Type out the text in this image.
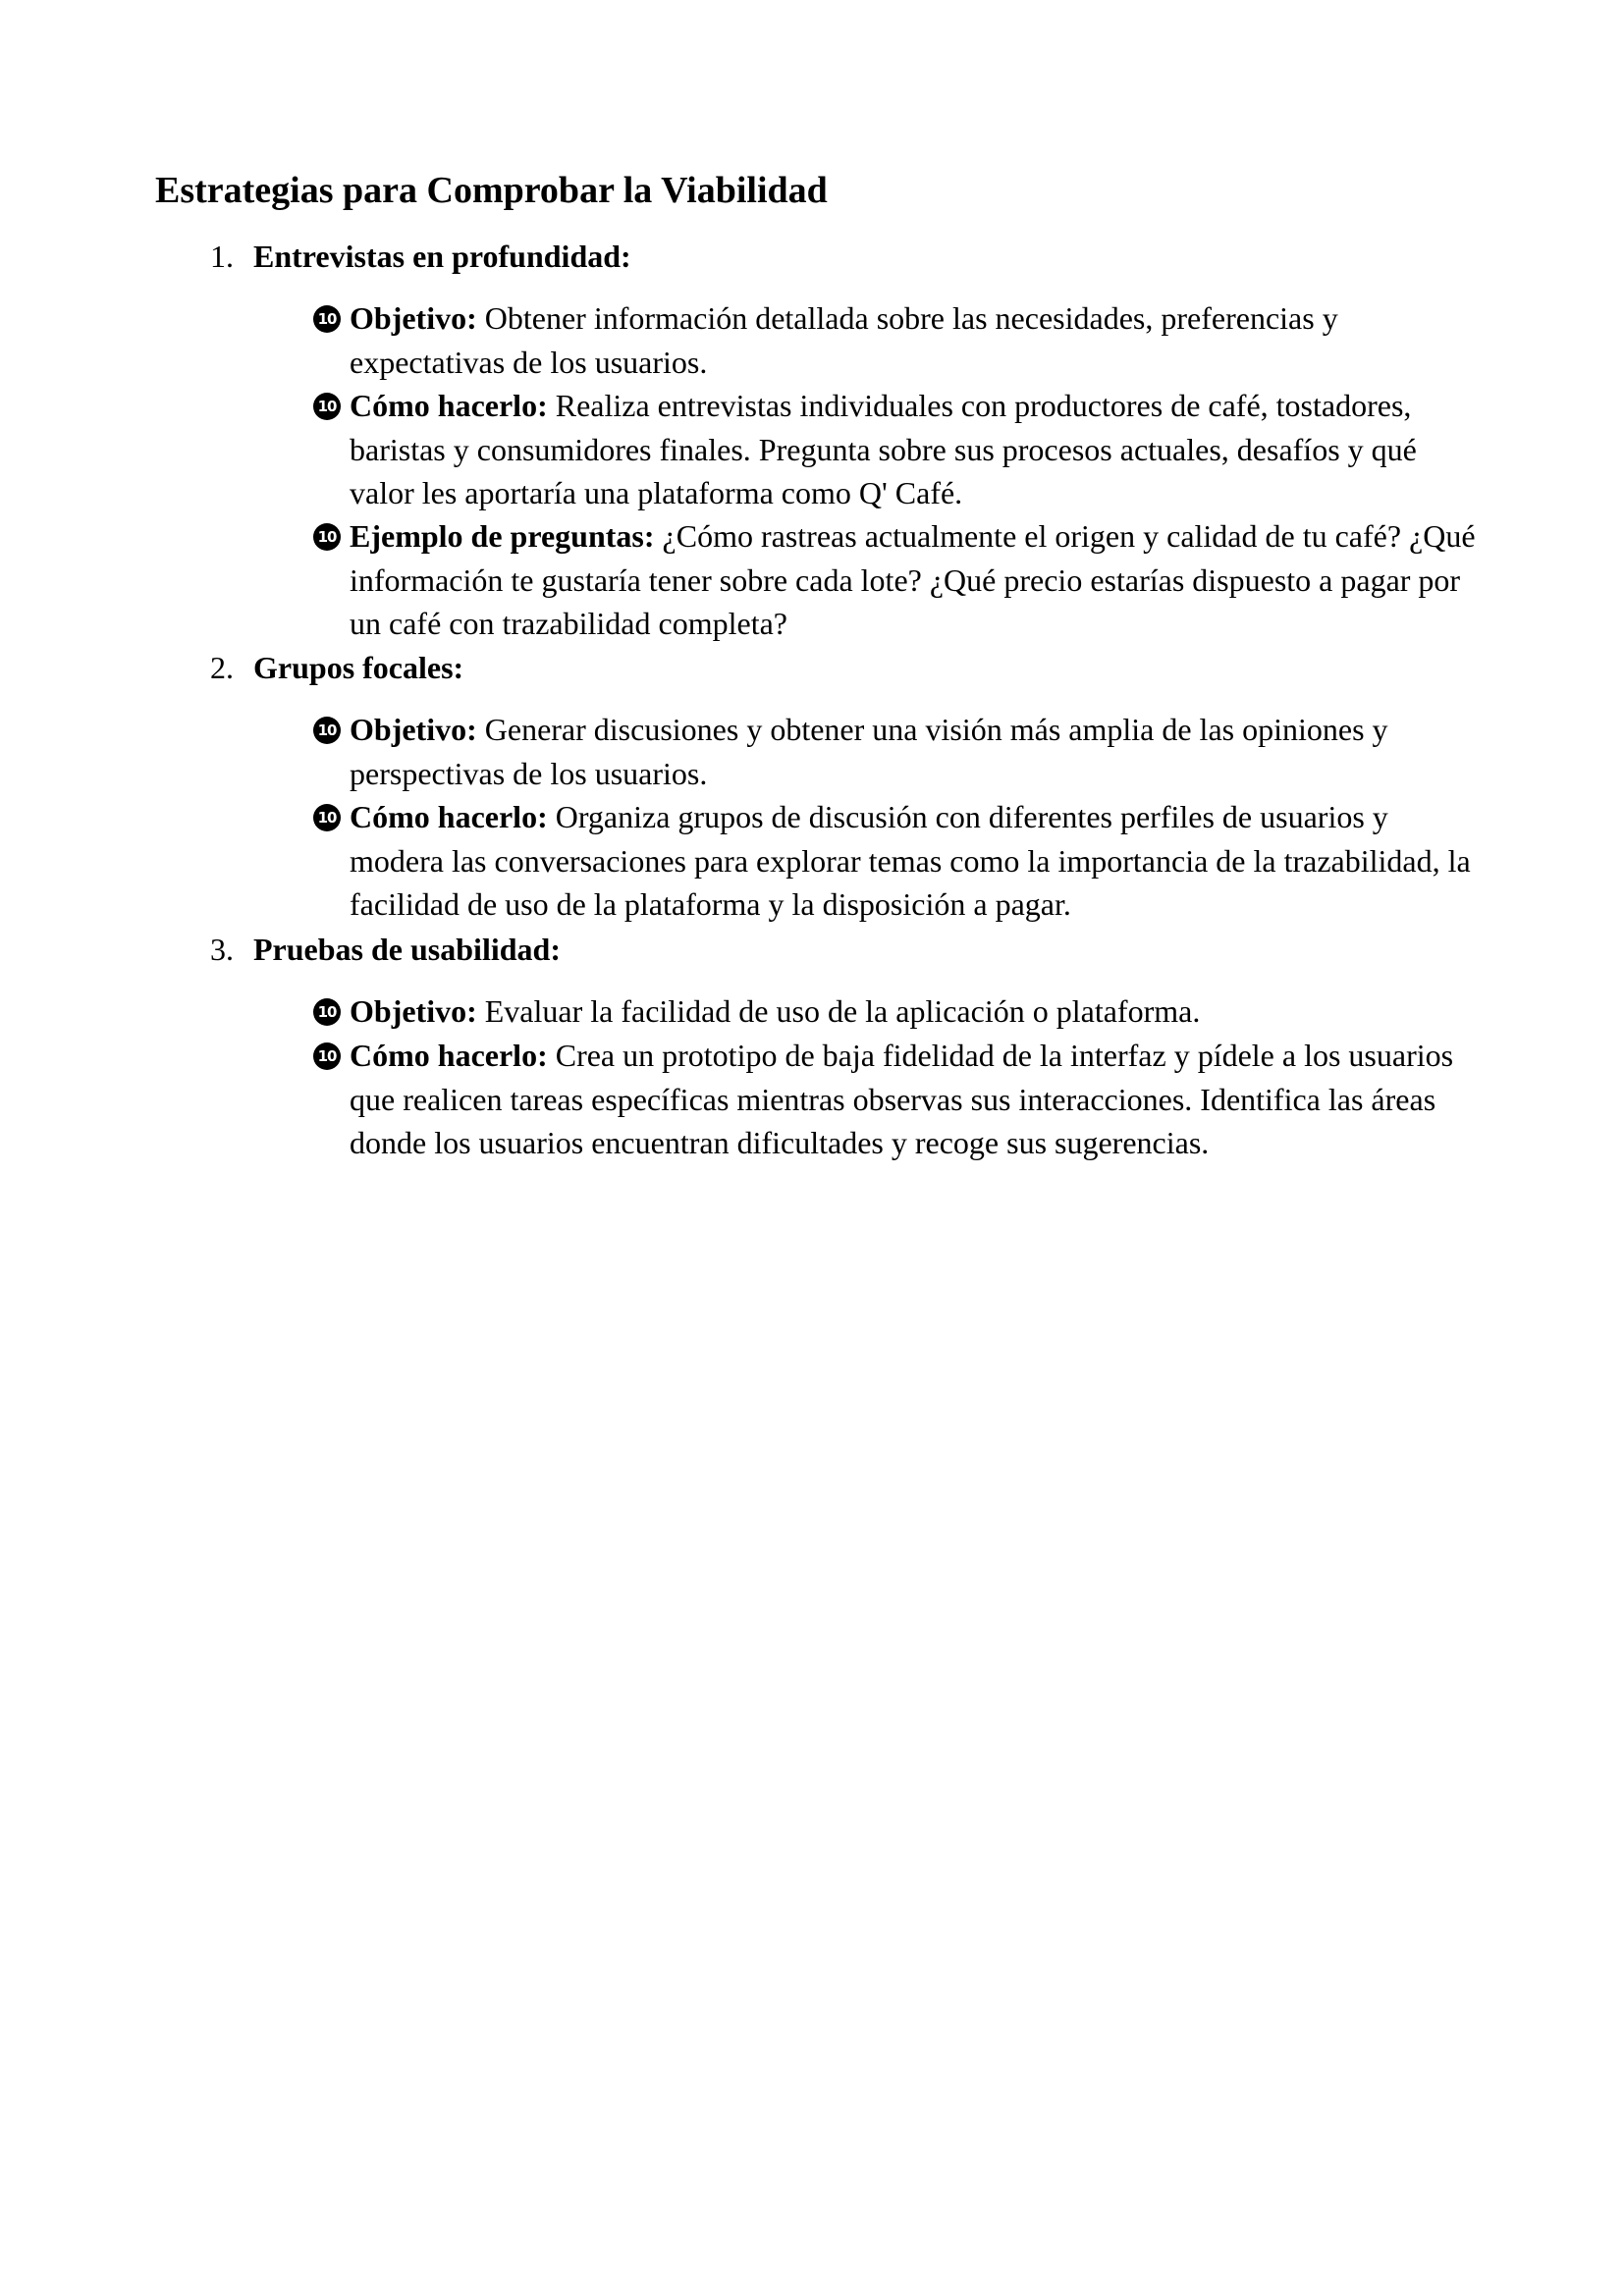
Estrategias para Comprobar la Viabilidad
1. Entrevistas en profundidad:
10 Objetivo: Obtener información detallada sobre las necesidades, preferencias y expectativas de los usuarios.
10 Cómo hacerlo: Realiza entrevistas individuales con productores de café, tostadores, baristas y consumidores finales. Pregunta sobre sus procesos actuales, desafíos y qué valor les aportaría una plataforma como Q' Café.
10 Ejemplo de preguntas: ¿Cómo rastreas actualmente el origen y calidad de tu café? ¿Qué información te gustaría tener sobre cada lote? ¿Qué precio estarías dispuesto a pagar por un café con trazabilidad completa?
2. Grupos focales:
10 Objetivo: Generar discusiones y obtener una visión más amplia de las opiniones y perspectivas de los usuarios.
10 Cómo hacerlo: Organiza grupos de discusión con diferentes perfiles de usuarios y modera las conversaciones para explorar temas como la importancia de la trazabilidad, la facilidad de uso de la plataforma y la disposición a pagar.
3. Pruebas de usabilidad:
10 Objetivo: Evaluar la facilidad de uso de la aplicación o plataforma.
10 Cómo hacerlo: Crea un prototipo de baja fidelidad de la interfaz y pídele a los usuarios que realicen tareas específicas mientras observas sus interacciones. Identifica las áreas donde los usuarios encuentran dificultades y recoge sus sugerencias.
